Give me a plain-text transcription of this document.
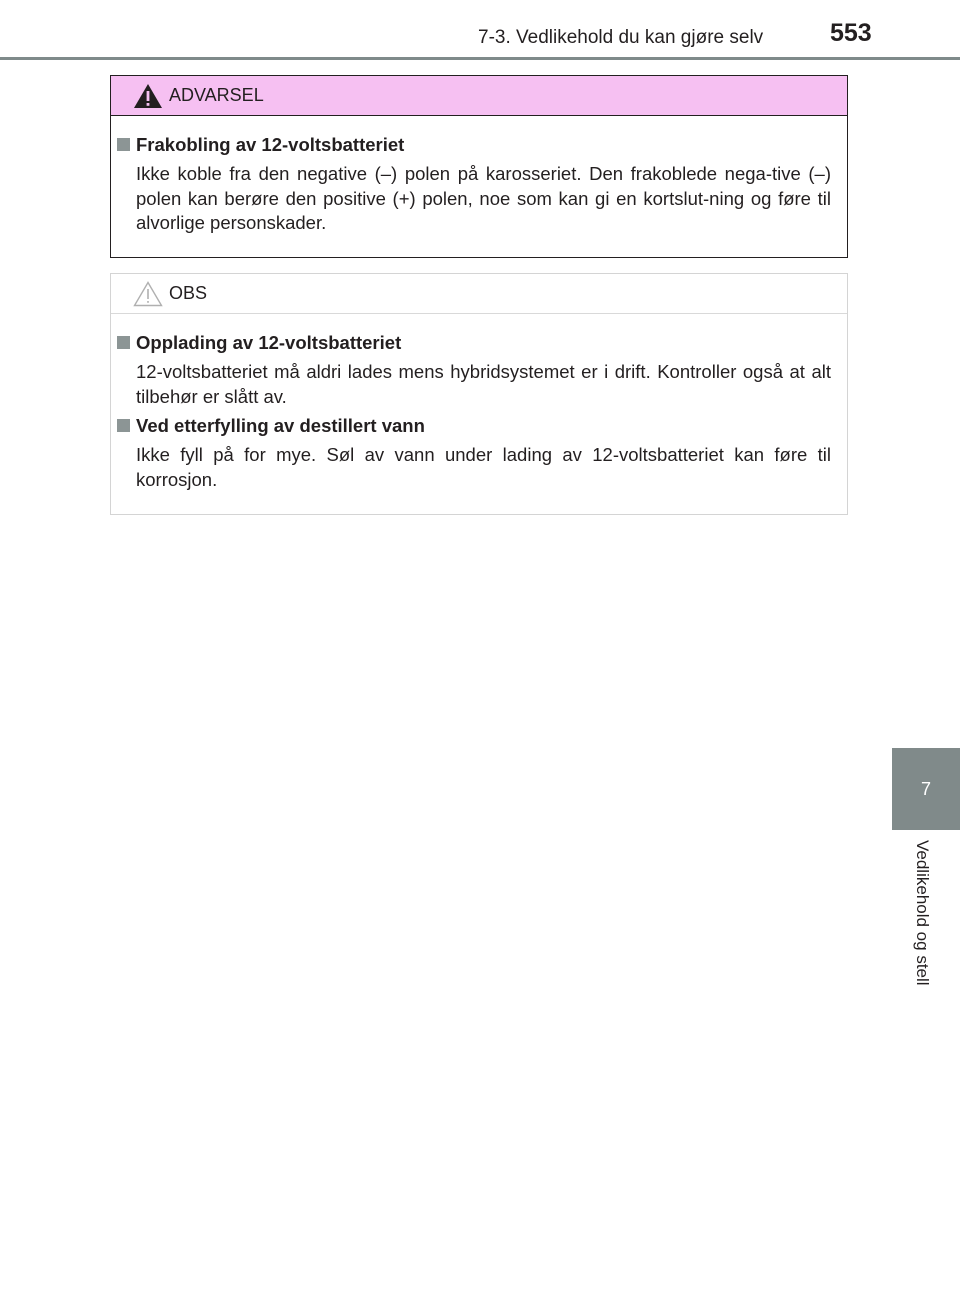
7-3. Vedlikehold du kan gjøre selv	553
7
Vedlikehold og stell
ADVARSEL
Frakobling av 12-voltsbatteriet
Ikke koble fra den negative (–) polen på karosseriet. Den frakoblede nega-tive (–) polen kan berøre den positive (+) polen, noe som kan gi en kortslut-ning og føre til alvorlige personskader.
OBS
Opplading av 12-voltsbatteriet
12-voltsbatteriet må aldri lades mens hybridsystemet er i drift. Kontroller også at alt tilbehør er slått av.
Ved etterfylling av destillert vann
Ikke fyll på for mye. Søl av vann under lading av 12-voltsbatteriet kan føre til korrosjon.
